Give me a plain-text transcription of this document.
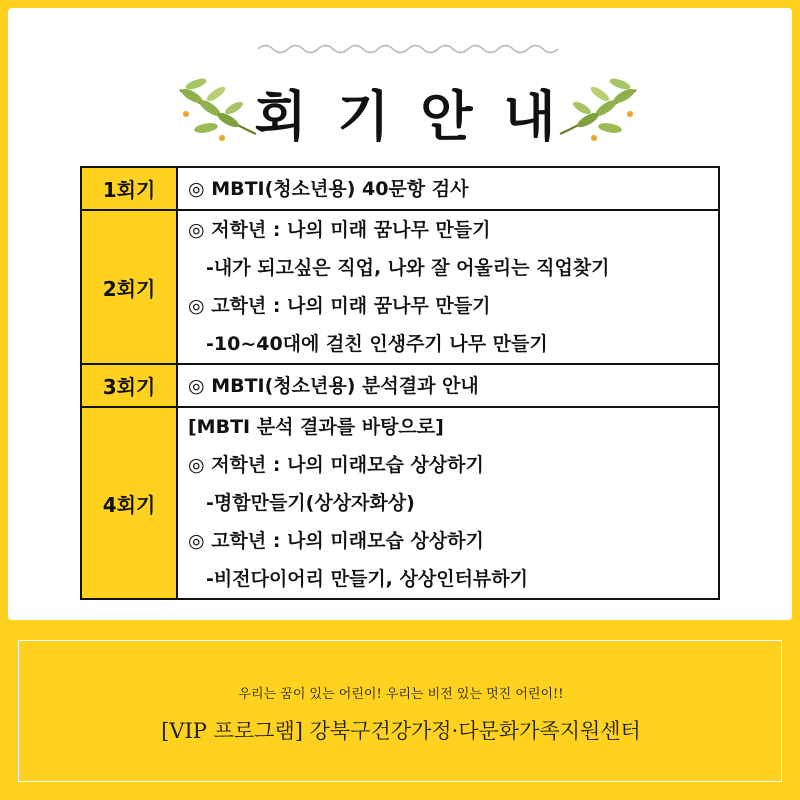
회 기 안 내
1회기	◎ MBTI(청소년용) 40문항 검사

2회기	◎ 저학년 : 나의 미래 꿈나무 만들기
-내가 되고싶은 직업, 나와 잘 어울리는 직업찾기
◎ 고학년 : 나의 미래 꿈나무 만들기
-10~40대에 걸친 인생주기 나무 만들기

3회기	◎ MBTI(청소년용) 분석결과 안내

4회기	[MBTI 분석 결과를 바탕으로]
◎ 저학년 : 나의 미래모습 상상하기
-명함만들기(상상자화상)
◎ 고학년 : 나의 미래모습 상상하기
-비전다이어리 만들기, 상상인터뷰하기
우리는 꿈이 있는 어린이! 우리는 비전 있는 멋진 어린이!!
[VIP 프로그램] 강북구건강가정·다문화가족지원센터
